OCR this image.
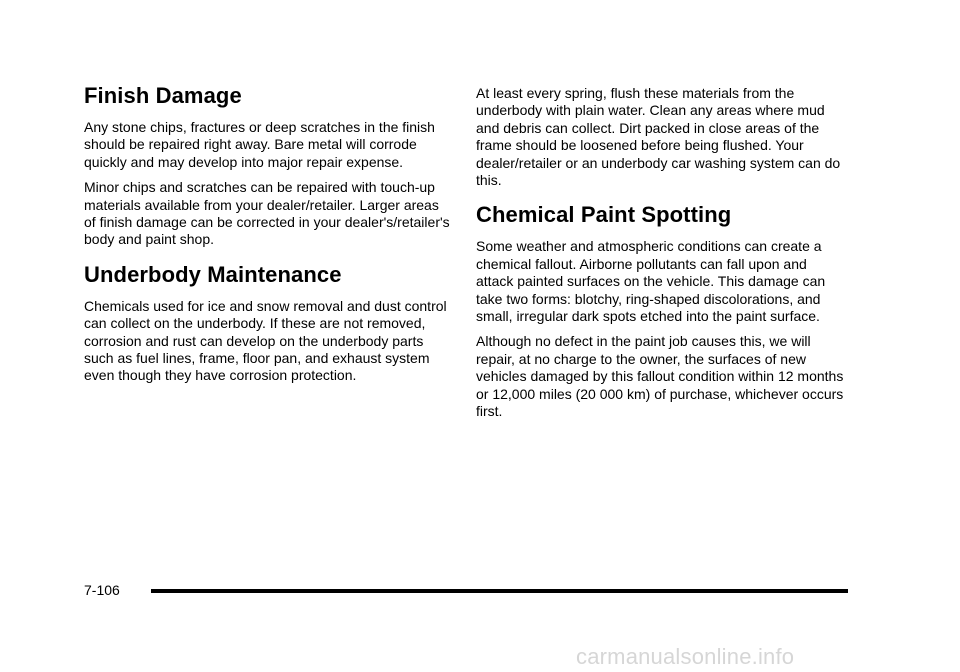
Finish Damage

Any stone chips, fractures or deep scratches in the finish should be repaired right away. Bare metal will corrode quickly and may develop into major repair expense.

Minor chips and scratches can be repaired with touch-up materials available from your dealer/retailer. Larger areas of finish damage can be corrected in your dealer's/retailer's body and paint shop.

Underbody Maintenance

Chemicals used for ice and snow removal and dust control can collect on the underbody. If these are not removed, corrosion and rust can develop on the underbody parts such as fuel lines, frame, floor pan, and exhaust system even though they have corrosion protection.

At least every spring, flush these materials from the underbody with plain water. Clean any areas where mud and debris can collect. Dirt packed in close areas of the frame should be loosened before being flushed. Your dealer/retailer or an underbody car washing system can do this.

Chemical Paint Spotting

Some weather and atmospheric conditions can create a chemical fallout. Airborne pollutants can fall upon and attack painted surfaces on the vehicle. This damage can take two forms: blotchy, ring-shaped discolorations, and small, irregular dark spots etched into the paint surface.

Although no defect in the paint job causes this, we will repair, at no charge to the owner, the surfaces of new vehicles damaged by this fallout condition within 12 months or 12,000 miles (20 000 km) of purchase, whichever occurs first.

7-106
carmanualsonline.info
